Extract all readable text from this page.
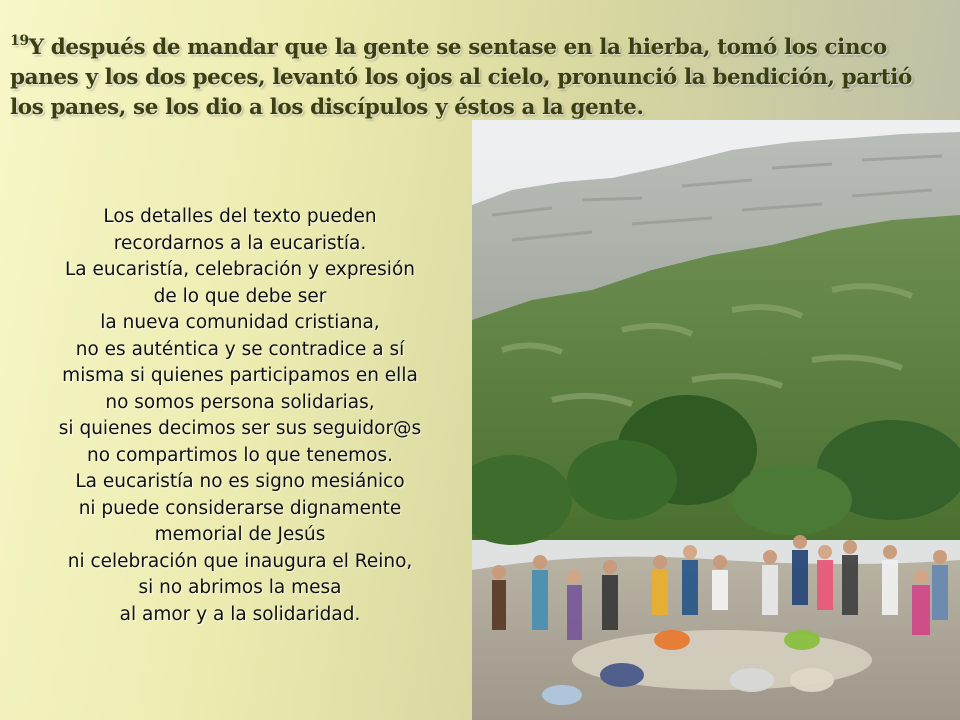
$^{19}$Y después de mandar que la gente se sentase en la hierba, tomó los cinco panes y los dos peces, levantó los ojos al cielo, pronunció la bendición, partió los panes, se los dio a los discípulos y éstos a la gente.
Los detalles del texto pueden
recordarnos a la eucaristía.
La eucaristía, celebración y expresión
de lo que debe ser
la nueva comunidad cristiana,
no es auténtica y se contradice a sí
misma si quienes participamos en ella
no somos persona solidarias,
si quienes decimos ser sus seguidor@s
no compartimos lo que tenemos.
La eucaristía no es signo mesiánico
ni puede considerarse dignamente
memorial de Jesús
ni celebración que inaugura el Reino,
si no abrimos la mesa
al amor y a la solidaridad.
